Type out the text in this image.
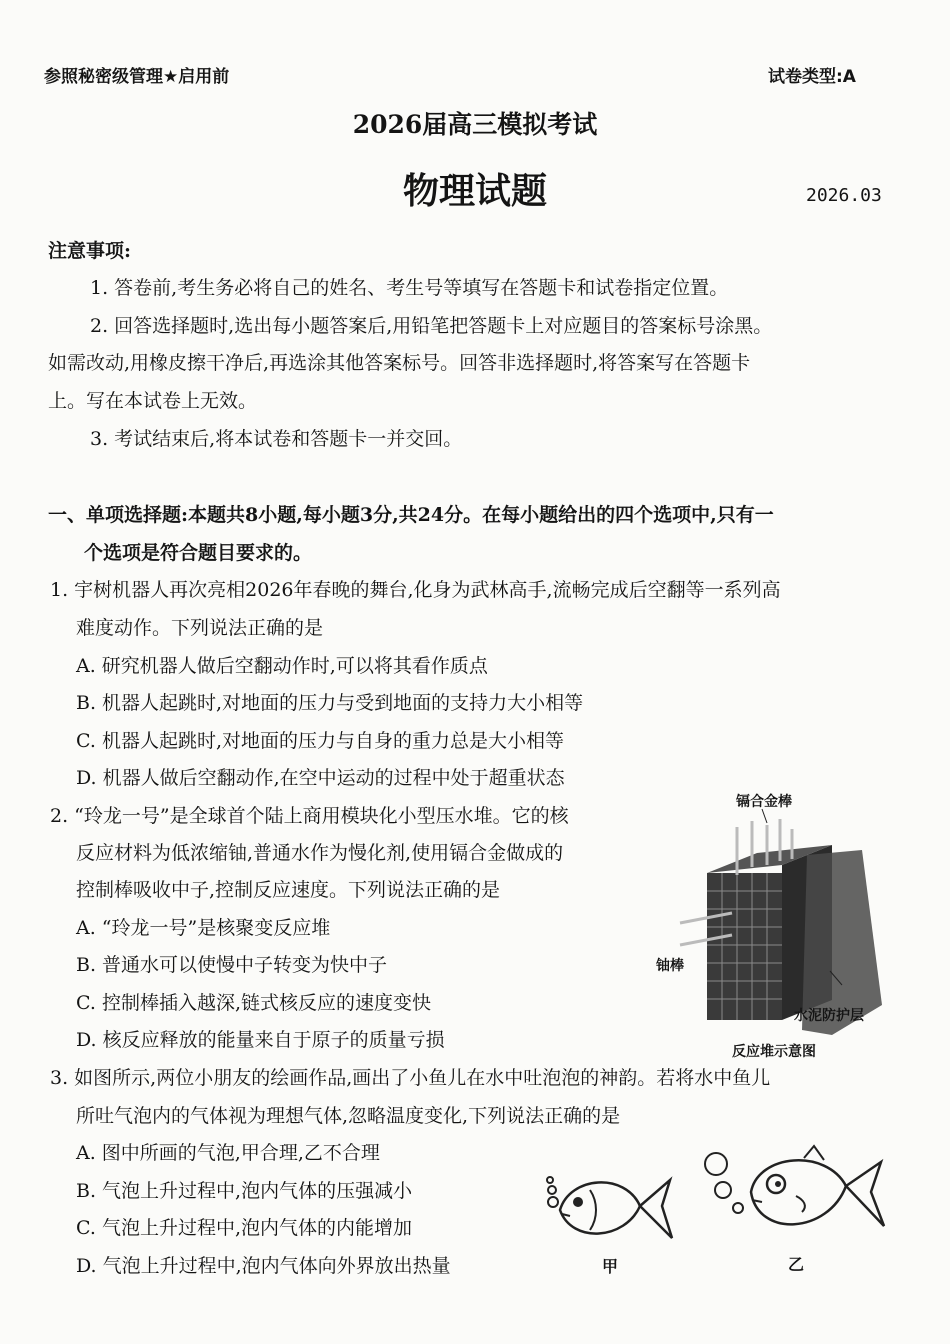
参照秘密级管理★启用前	试卷类型:A
2026届高三模拟考试
物理试题	2026.03
注意事项:
1. 答卷前,考生务必将自己的姓名、考生号等填写在答题卡和试卷指定位置。
2. 回答选择题时,选出每小题答案后,用铅笔把答题卡上对应题目的答案标号涂黑。
如需改动,用橡皮擦干净后,再选涂其他答案标号。回答非选择题时,将答案写在答题卡
上。写在本试卷上无效。
3. 考试结束后,将本试卷和答题卡一并交回。
一、单项选择题:本题共8小题,每小题3分,共24分。在每小题给出的四个选项中,只有一
个选项是符合题目要求的。
1. 宇树机器人再次亮相2026年春晚的舞台,化身为武林高手,流畅完成后空翻等一系列高
难度动作。下列说法正确的是
A. 研究机器人做后空翻动作时,可以将其看作质点
B. 机器人起跳时,对地面的压力与受到地面的支持力大小相等
C. 机器人起跳时,对地面的压力与自身的重力总是大小相等
D. 机器人做后空翻动作,在空中运动的过程中处于超重状态
2. “玲龙一号”是全球首个陆上商用模块化小型压水堆。它的核
反应材料为低浓缩铀,普通水作为慢化剂,使用镉合金做成的
控制棒吸收中子,控制反应速度。下列说法正确的是
A. “玲龙一号”是核聚变反应堆
B. 普通水可以使慢中子转变为快中子
C. 控制棒插入越深,链式核反应的速度变快
D. 核反应释放的能量来自于原子的质量亏损
镉合金棒
铀棒
水泥防护层
反应堆示意图
3. 如图所示,两位小朋友的绘画作品,画出了小鱼儿在水中吐泡泡的神韵。若将水中鱼儿
所吐气泡内的气体视为理想气体,忽略温度变化,下列说法正确的是
A. 图中所画的气泡,甲合理,乙不合理
B. 气泡上升过程中,泡内气体的压强减小
C. 气泡上升过程中,泡内气体的内能增加
D. 气泡上升过程中,泡内气体向外界放出热量	甲	乙
